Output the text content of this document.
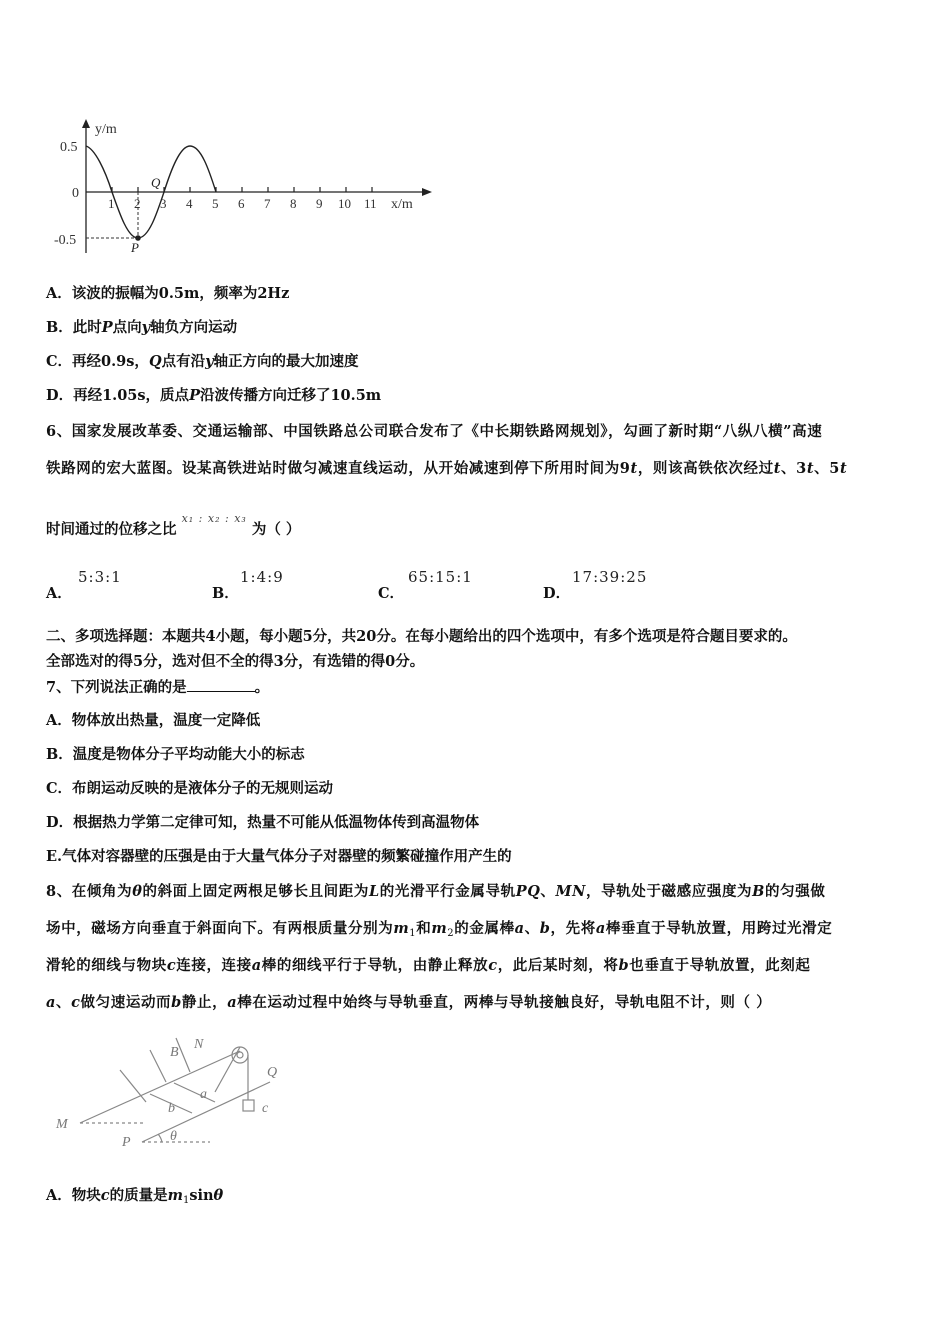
y/m
x/m
0.5
0
-0.5
1 2 3 4 5 6 7 8 9 10 11
P
Q
A．该波的振幅为0.5m，频率为2Hz
B．此时P点向y轴负方向运动
C．再经0.9s，Q点有沿y轴正方向的最大加速度
D．再经1.05s，质点P沿波传播方向迁移了10.5m
6、国家发展改革委、交通运输部、中国铁路总公司联合发布了《中长期铁路网规划》，勾画了新时期“八纵八横”高速
铁路网的宏大蓝图。设某高铁进站时做匀减速直线运动，从开始减速到停下所用时间为9t，则该高铁依次经过t、3t、5t
时间通过的位移之比 $^{x_1 : x_2 : x_3}$ 为（ ）
A．
5:3:1
B．
1:4:9
C．
65:15:1
D．
17:39:25
二、多项选择题：本题共4小题，每小题5分，共20分。在每小题给出的四个选项中，有多个选项是符合题目要求的。
全部选对的得5分，选对但不全的得3分，有选错的得0分。
7、下列说法正确的是	。
A．物体放出热量，温度一定降低
B．温度是物体分子平均动能大小的标志
C．布朗运动反映的是液体分子的无规则运动
D．根据热力学第二定律可知，热量不可能从低温物体传到高温物体
E.气体对容器壁的压强是由于大量气体分子对器壁的频繁碰撞作用产生的
8、在倾角为θ的斜面上固定两根足够长且间距为L的光滑平行金属导轨PQ、MN，导轨处于磁感应强度为B的匀强做
场中，磁场方向垂直于斜面向下。有两根质量分别为$m_1$和$m_2$的金属棒a、b，先将a棒垂直于导轨放置，用跨过光滑定
滑轮的细线与物块c连接，连接a棒的细线平行于导轨，由静止释放c，此后某时刻，将b也垂直于导轨放置，此刻起
a、c做匀速运动而b静止，a棒在运动过程中始终与导轨垂直，两棒与导轨接触良好，导轨电阻不计，则（ ）
B
N
Q
M
P
a
b	c
θ
A．物块c的质量是$m_1\sin\theta$
